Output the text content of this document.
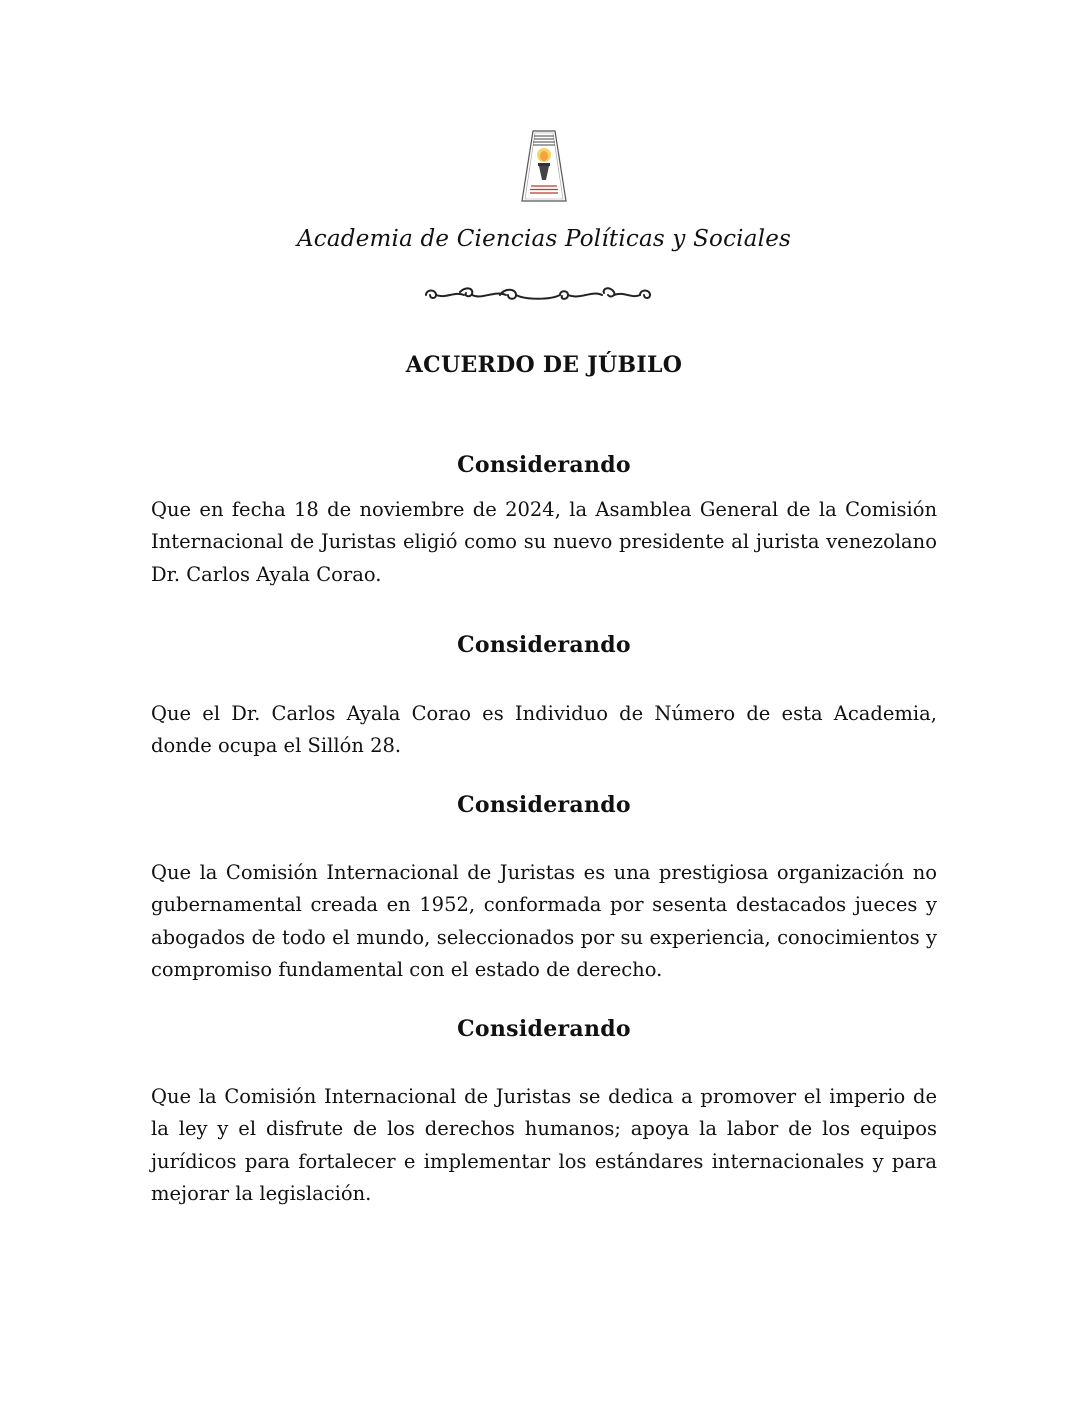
Academia de Ciencias Políticas y Sociales
ACUERDO DE JÚBILO
Considerando
Que en fecha 18 de noviembre de 2024, la Asamblea General de la Comisión Internacional de Juristas eligió como su nuevo presidente al jurista venezolano Dr. Carlos Ayala Corao.
Considerando
Que el Dr. Carlos Ayala Corao es Individuo de Número de esta Academia, donde ocupa el Sillón 28.
Considerando
Que la Comisión Internacional de Juristas es una prestigiosa organización no gubernamental creada en 1952, conformada por sesenta destacados jueces y abogados de todo el mundo, seleccionados por su experiencia, conocimientos y compromiso fundamental con el estado de derecho.
Considerando
Que la Comisión Internacional de Juristas se dedica a promover el imperio de la ley y el disfrute de los derechos humanos; apoya la labor de los equipos jurídicos para fortalecer e implementar los estándares internacionales y para mejorar la legislación.
